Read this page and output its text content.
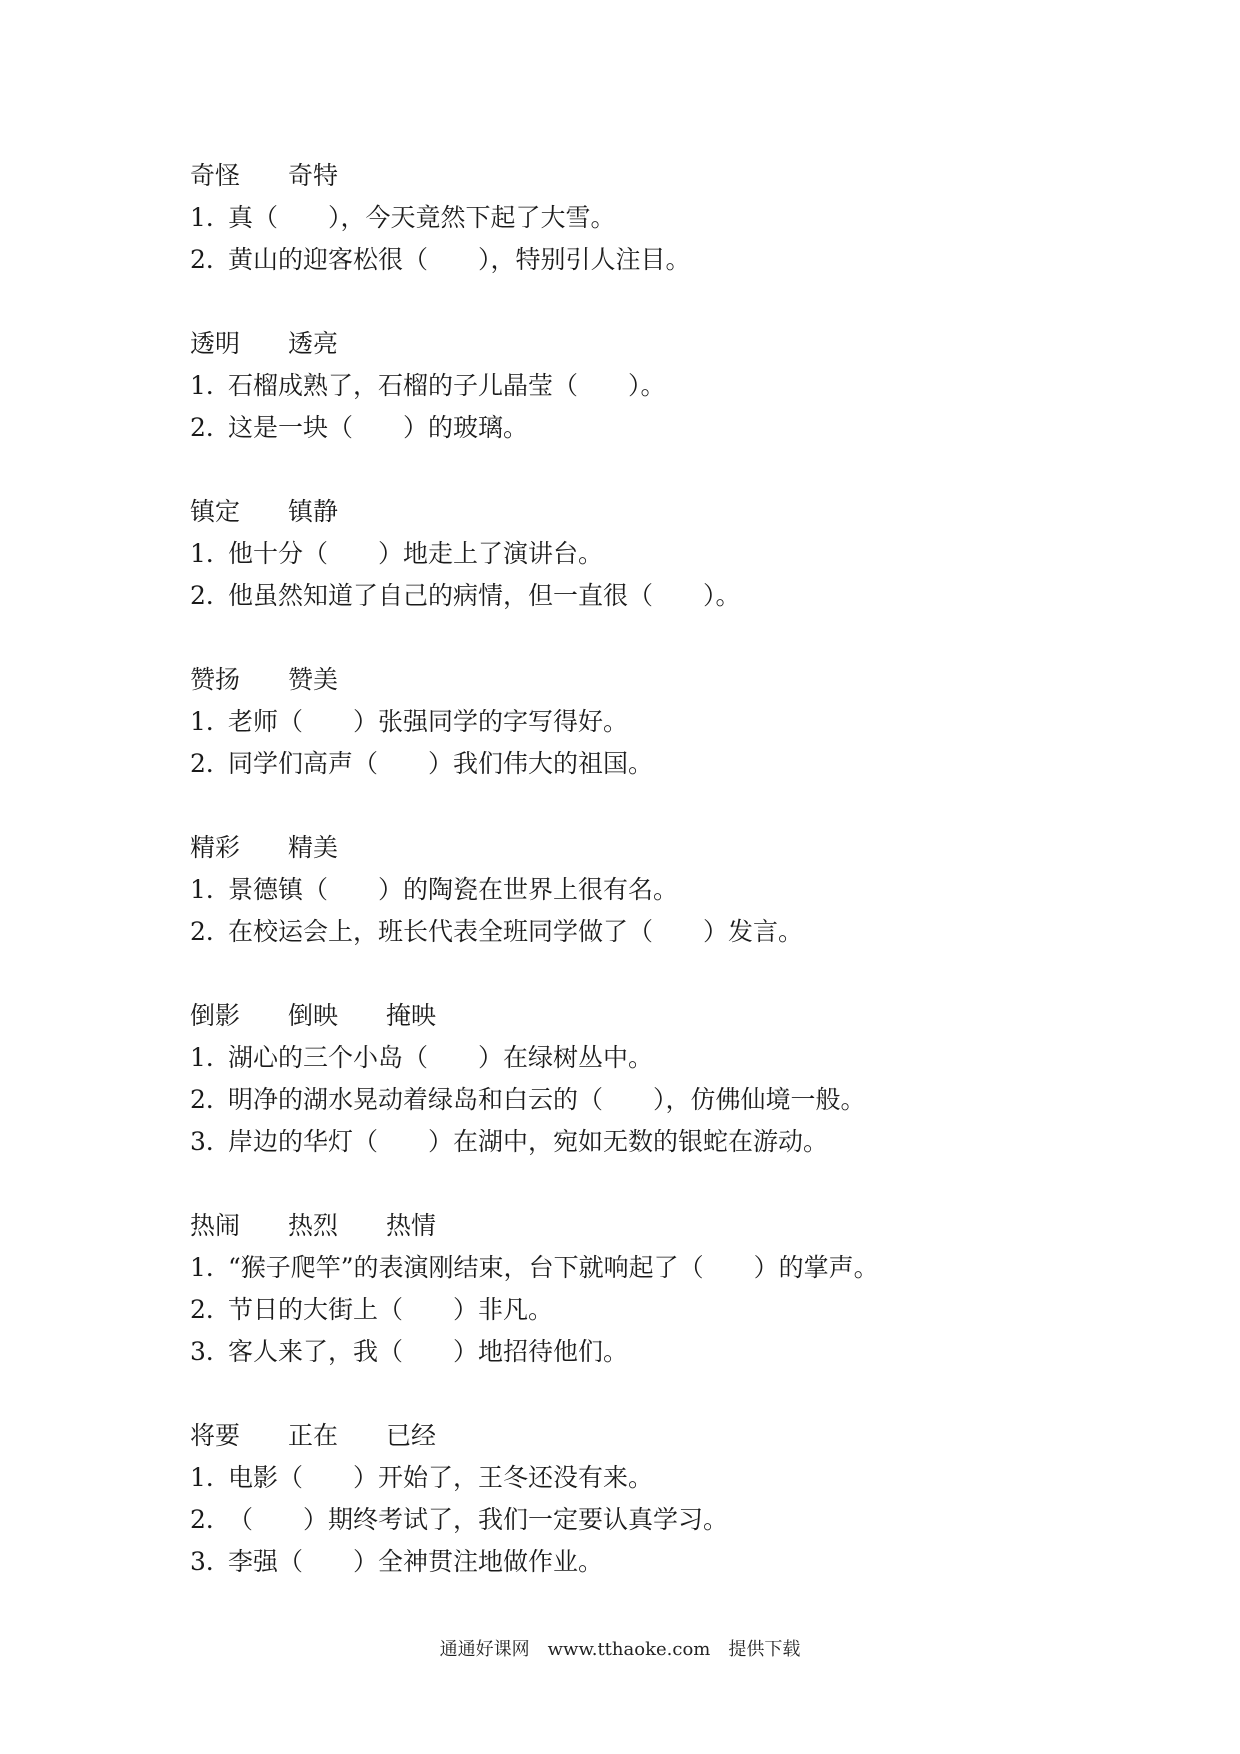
奇怪 奇特
1．真（　　），今天竟然下起了大雪。
2．黄山的迎客松很（　　），特别引人注目。
透明 透亮
1．石榴成熟了，石榴的子儿晶莹（　　）。
2．这是一块（　　）的玻璃。
镇定 镇静
1．他十分（　　）地走上了演讲台。
2．他虽然知道了自己的病情，但一直很（　　）。
赞扬 赞美
1．老师（　　）张强同学的字写得好。
2．同学们高声（　　）我们伟大的祖国。
精彩 精美
1．景德镇（　　）的陶瓷在世界上很有名。
2．在校运会上，班长代表全班同学做了（　　）发言。
倒影 倒映 掩映
1．湖心的三个小岛（　　）在绿树丛中。
2．明净的湖水晃动着绿岛和白云的（　　），仿佛仙境一般。
3．岸边的华灯（　　）在湖中，宛如无数的银蛇在游动。
热闹 热烈 热情
1．“猴子爬竿”的表演刚结束，台下就响起了（　　）的掌声。
2．节日的大街上（　　）非凡。
3．客人来了，我（　　）地招待他们。
将要 正在 已经
1．电影（　　）开始了，王冬还没有来。
2．（　　）期终考试了，我们一定要认真学习。
3．李强（　　）全神贯注地做作业。
通通好课网　www.tthaoke.com　提供下载
